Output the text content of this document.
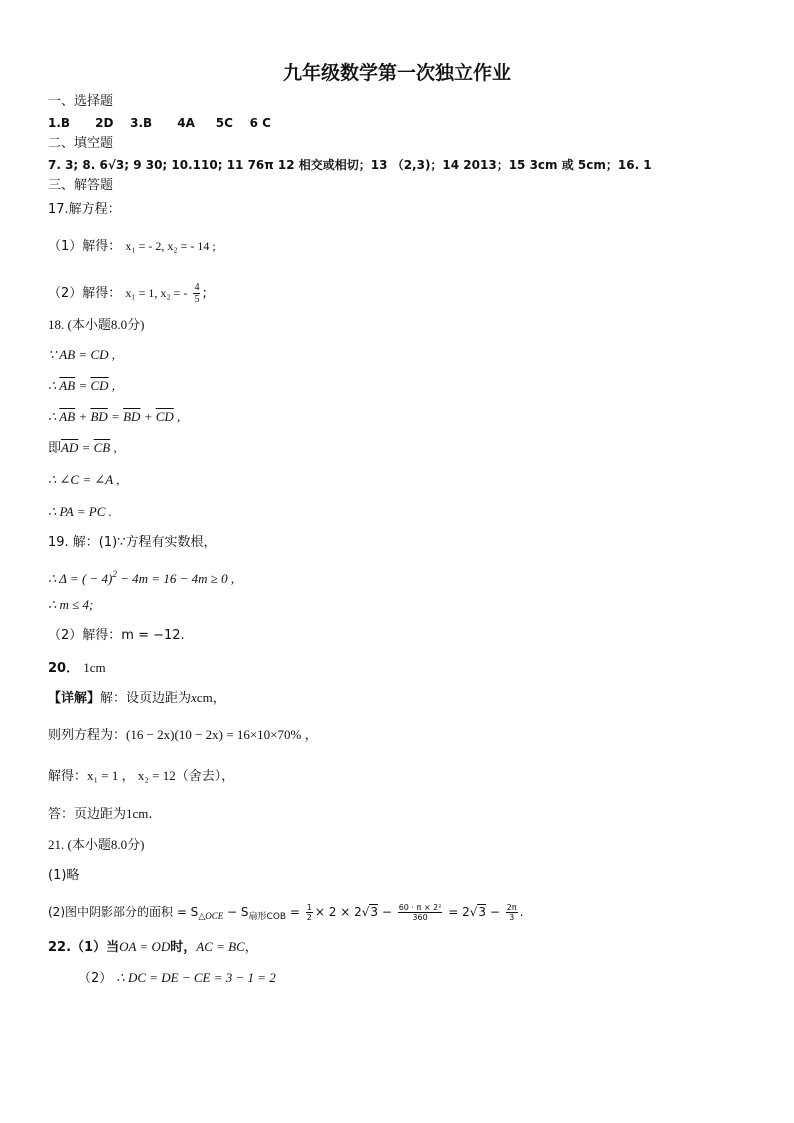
九年级数学第一次独立作业
一、选择题
1.B      2D    3.B      4A     5C    6 C
二、填空题
7. 3; 8. 6√3; 9 30; 10.110; 11 76π 12 相交或相切；13 （2,3)；14 2013；15 3cm 或 5cm；16. 1
三、解答题
17.解方程：
（1）解得： x₁ = - 2, x₂ = - 14 ;
（2）解得： x₁ = 1, x₂ = - $\frac{4}{5}$ ;
18. (本小题8.0分)
∵ AB = CD ,
∴ $\overline{AB} = \overline{CD}$ ,
∴ $\overline{AB} + \overline{BD} = \overline{BD} + \overline{CD}$ ,
即$\overline{AD} = \overline{CB}$ ,
∴ ∠C = ∠A ,
∴ PA = PC .
19. 解：(1)∵方程有实数根，
∴ Δ = ( − 4)$^2$ − 4m = 16 − 4m ≥ 0 ,
∴ m ≤ 4;
（2）解得：m = −12.
20． 1cm
【详解】解：设页边距为xcm，
则列方程为：(16 − 2x)(10 − 2x) = 16×10×70% ，
解得：x₁ = 1 ， x₂ = 12（舍去），
答：页边距为1cm.
21. (本小题8.0分)
(1)略
(2)图中阴影部分的面积 = $S_{\triangle OCE} - S_{扇形COB} = \frac{1}{2} \times 2 \times 2√3 - \frac{\text{60 · π × 2²}}{360} = 2√3 - \frac{2\pi}{3}$ .
22.（1）当OA = OD时，AC = BC，
（2） ∴ DC = DE − CE = 3 − 1 = 2
